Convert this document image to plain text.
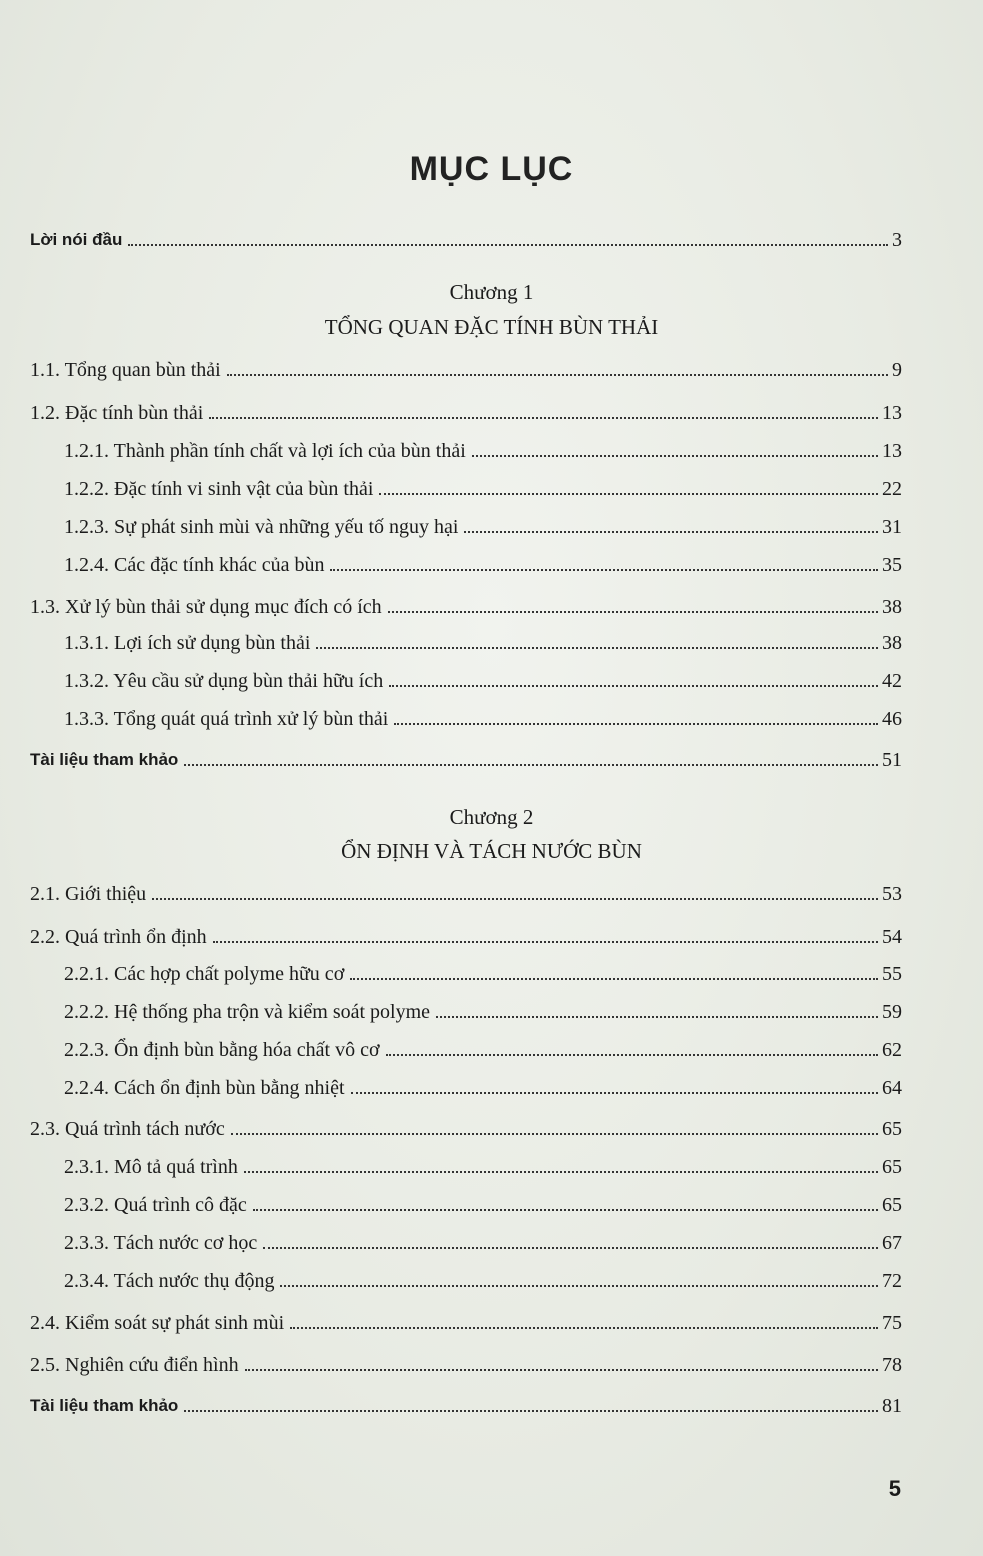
MỤC LỤC
Lời nói đầu	3
Chương 1
TỔNG QUAN ĐẶC TÍNH BÙN THẢI
1.1. Tổng quan bùn thải	9
1.2. Đặc tính bùn thải	13
1.2.1. Thành phần tính chất và lợi ích của bùn thải	13
1.2.2. Đặc tính vi sinh vật của bùn thải	22
1.2.3. Sự phát sinh mùi và những yếu tố nguy hại	31
1.2.4. Các đặc tính khác của bùn	35
1.3. Xử lý bùn thải sử dụng mục đích có ích	38
1.3.1. Lợi ích sử dụng bùn thải	38
1.3.2. Yêu cầu sử dụng bùn thải hữu ích	42
1.3.3. Tổng quát quá trình xử lý bùn thải	46
Tài liệu tham khảo	51
Chương 2
ỔN ĐỊNH VÀ TÁCH NƯỚC BÙN
2.1. Giới thiệu	53
2.2. Quá trình ổn định	54
2.2.1. Các hợp chất polyme hữu cơ	55
2.2.2. Hệ thống pha trộn và kiểm soát polyme	59
2.2.3. Ổn định bùn bằng hóa chất vô cơ	62
2.2.4. Cách ổn định bùn bằng nhiệt	64
2.3. Quá trình tách nước	65
2.3.1. Mô tả quá trình	65
2.3.2. Quá trình cô đặc	65
2.3.3. Tách nước cơ học	67
2.3.4. Tách nước thụ động	72
2.4. Kiểm soát sự phát sinh mùi	75
2.5. Nghiên cứu điển hình	78
Tài liệu tham khảo	81
5
